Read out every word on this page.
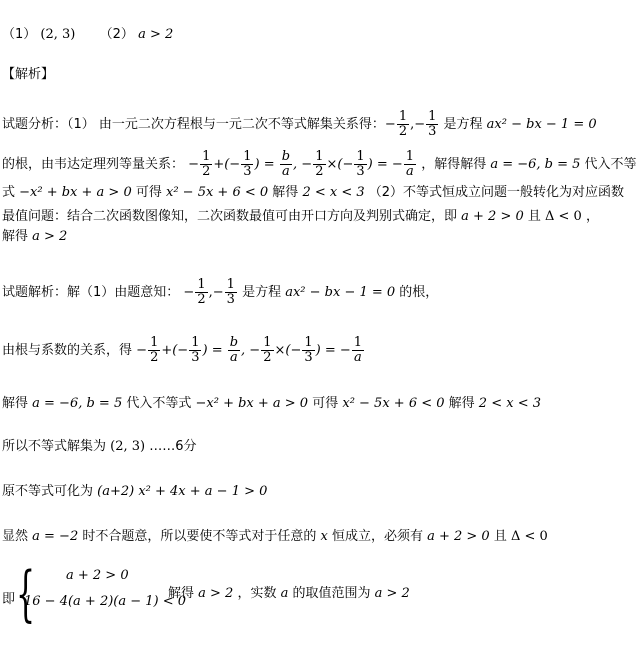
（1） (2, 3) （2） a > 2
【解析】
试题分析：（1） 由一元二次方程根与一元二次不等式解集关系得：− $\frac{1}{2}$ ,− $\frac{1}{3}$ 是方程 ax² − bx − 1 = 0
的根，由韦达定理列等量关系： − $\frac{1}{2}$ +(− $\frac{1}{3}$ ) = $\frac{b}{a}$ , − $\frac{1}{2}$ ×(− $\frac{1}{3}$ ) = − $\frac{1}{a}$ ，解得解得 a = −6, b = 5 代入不等
式 −x² + bx + a > 0 可得 x² − 5x + 6 < 0 解得 2 < x < 3 （2）不等式恒成立问题一般转化为对应函数
最值问题：结合二次函数图像知，二次函数最值可由开口方向及判别式确定，即 a + 2 > 0 且 Δ < 0 ，
解得 a > 2
试题解析：解（1）由题意知： − $\frac{1}{2}$ ,− $\frac{1}{3}$ 是方程 ax² − bx − 1 = 0 的根，
由根与系数的关系，得 − $\frac{1}{2}$ +(− $\frac{1}{3}$ ) = $\frac{b}{a}$ , − $\frac{1}{2}$ ×(− $\frac{1}{3}$ ) = − $\frac{1}{a}$
解得 a = −6, b = 5 代入不等式 −x² + bx + a > 0 可得 x² − 5x + 6 < 0 解得 2 < x < 3
所以不等式解集为 (2, 3) ……6分
原不等式可化为 (a+2) x² + 4x + a − 1 > 0
显然 a = −2 时不合题意，所以要使不等式对于任意的 x 恒成立，必须有 a + 2 > 0 且 Δ < 0
即 { a + 2 > 0
16 − 4(a + 2)(a − 1) < 0
解得 a > 2 ，实数 a 的取值范围为 a > 2
